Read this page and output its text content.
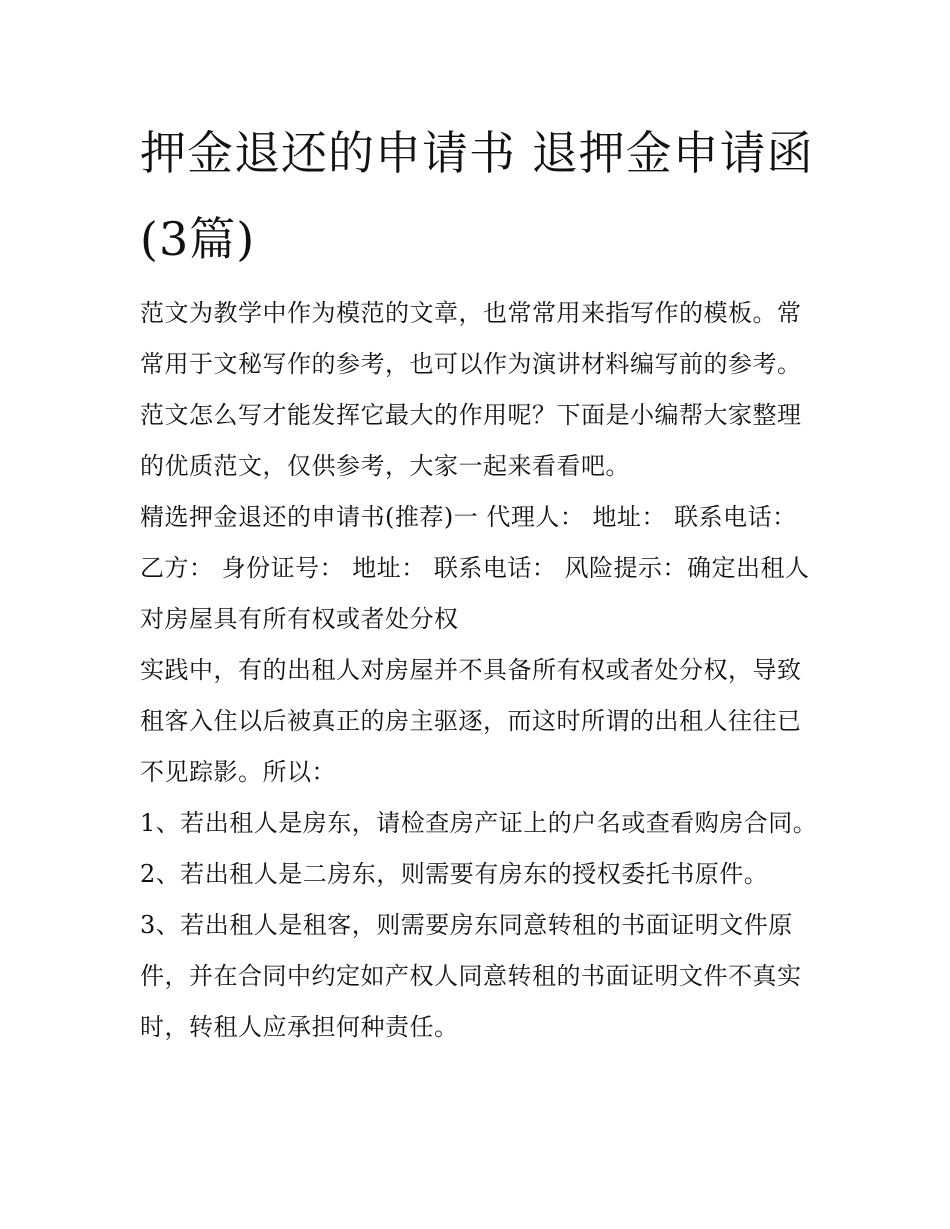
押金退还的申请书 退押金申请函(3篇)

范文为教学中作为模范的文章，也常常用来指写作的模板。常常用于文秘写作的参考，也可以作为演讲材料编写前的参考。范文怎么写才能发挥它最大的作用呢？下面是小编帮大家整理的优质范文，仅供参考，大家一起来看看吧。

精选押金退还的申请书(推荐)一 代理人： 地址： 联系电话： 乙方： 身份证号： 地址： 联系电话： 风险提示：确定出租人对房屋具有所有权或者处分权

实践中，有的出租人对房屋并不具备所有权或者处分权，导致租客入住以后被真正的房主驱逐，而这时所谓的出租人往往已不见踪影。所以：

1、若出租人是房东，请检查房产证上的户名或查看购房合同。 2、若出租人是二房东，则需要有房东的授权委托书原件。

3、若出租人是租客，则需要房东同意转租的书面证明文件原件，并在合同中约定如产权人同意转租的书面证明文件不真实时，转租人应承担何种责任。
